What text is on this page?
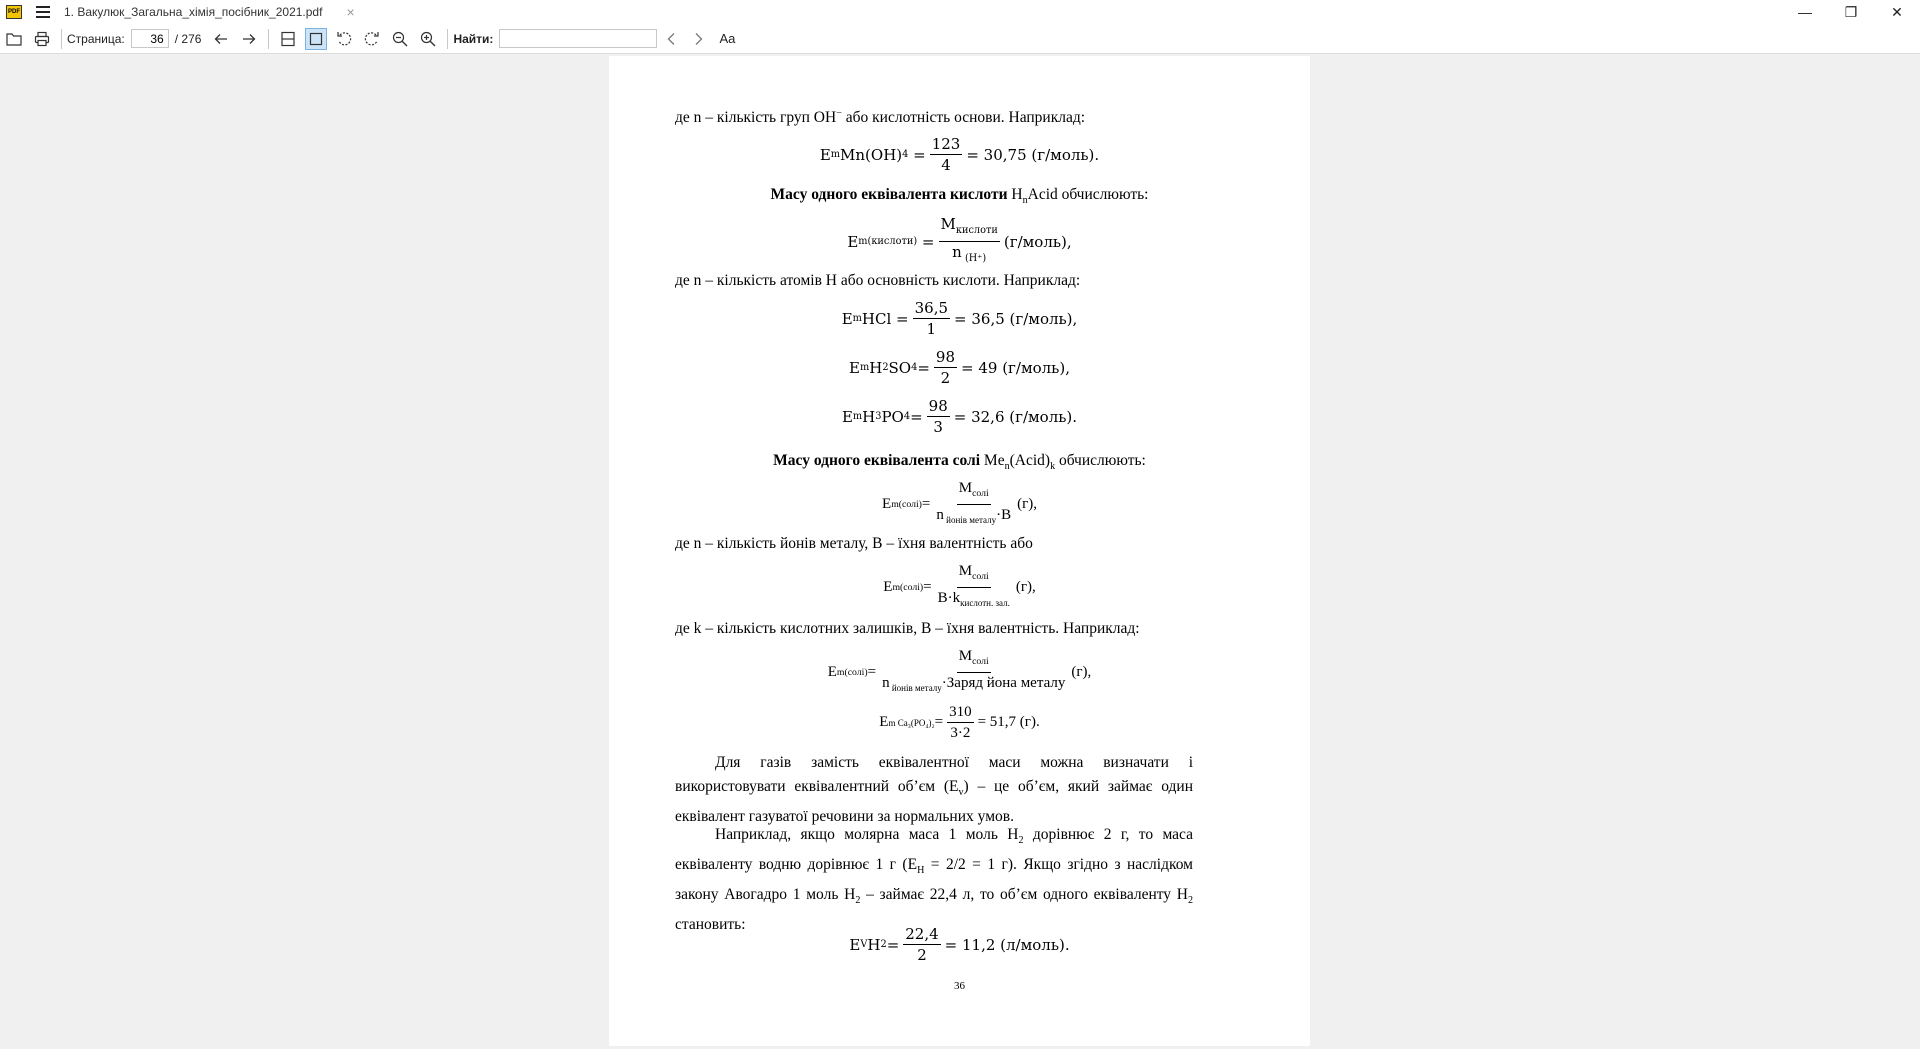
PDF	1. Вакулюк_Загальна_хімія_посібник_2021.pdf ×	—	❐	✕
Страница:
36	/ 276	Найти:	Aa
де n – кількість груп OH− або кислотність основи. Наприклад:
E m Mn(OH) $4 = \frac{123}{4} = 30,75$ (г/моль).
Масу одного еквівалента кислоти $H_nAcid$ обчислюють:
E m(кислоти) = $\frac{M_{кислоти}}{n _{(H^+)}}$ (г/моль),
де n – кількість атомів H або основність кислоти. Наприклад:
E m HCl = $\frac{36,5}{1} = 36,5$ (г/моль),
E m H 2 SO $4 = \frac{98}{2} = 49$ (г/моль),
E m H 3 PO $4 = \frac{98}{3} = 32,6$ (г/моль).
Масу одного еквівалента солі $Me_n(Acid)_k$ обчислюють:
E m(солі) = $\frac{M_{солі}}{n _{йонів металу}\cdot B} (г)$,
де n – кількість йонів металу, B – їхня валентність або
E m(солі) = $\frac{M_{солі}}{B\cdot k_{кислотн. зал.}} (г)$,
де k – кількість кислотних залишків, B – їхня валентність. Наприклад:
E m(солі) = $\frac{M_{солі}}{n _{йонів металу}\cdot Заряд йона металу} (г)$,
E m $Ca_3(PO_4)_2 = \frac{310}{3\cdot 2} = 51,7$ (г).
Для газів замість еквівалентної маси можна визначати і використовувати еквівалентний об’єм $(E_v)$ – це об’єм, який займає один еквівалент газуватої речовини за нормальних умов.
Наприклад, якщо молярна маса 1 моль $H_2$ дорівнює 2 г, то маса еквіваленту водню дорівнює 1 г ($E_H = 2/2 = 1$ г). Якщо згідно з наслідком закону Авогадро 1 моль $H_2$ – займає 22,4 л, то об’єм одного еквіваленту $H_2$ становить:
E V H $2 = \frac{22,4}{2} = 11,2$ (л/моль).
36
